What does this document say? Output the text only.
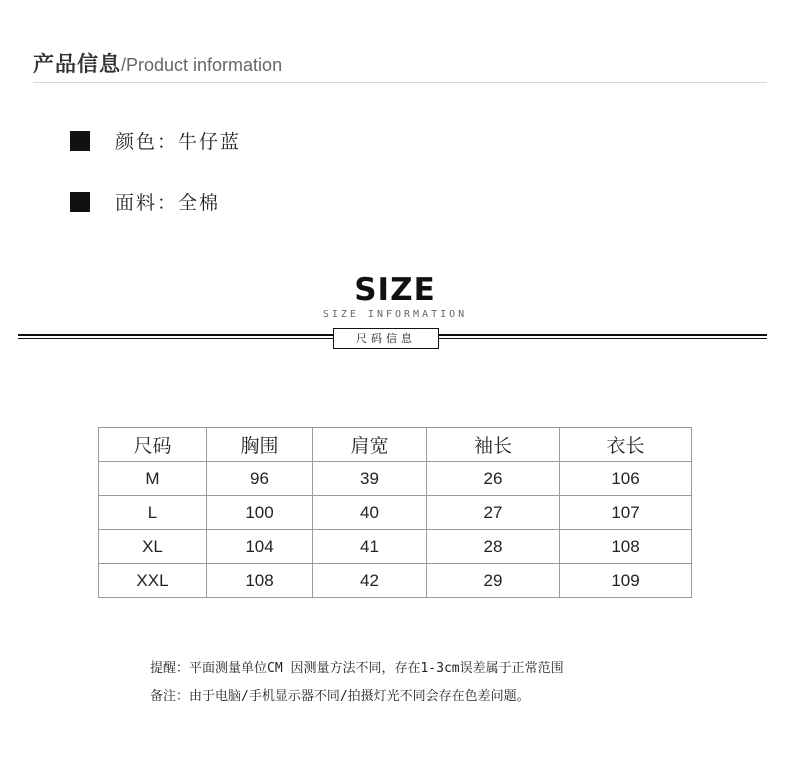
产品信息/Product information
颜色：牛仔蓝
面料：全棉
SIZE
SIZE INFORMATION
尺码信息
尺码	胸围	肩宽	袖长	衣长
M	96	39	26	106
L	100	40	27	107
XL	104	41	28	108
XXL	108	42	29	109
提醒：平面测量单位CM 因测量方法不同，存在1-3cm误差属于正常范围
备注：由于电脑/手机显示器不同/拍摄灯光不同会存在色差问题。
